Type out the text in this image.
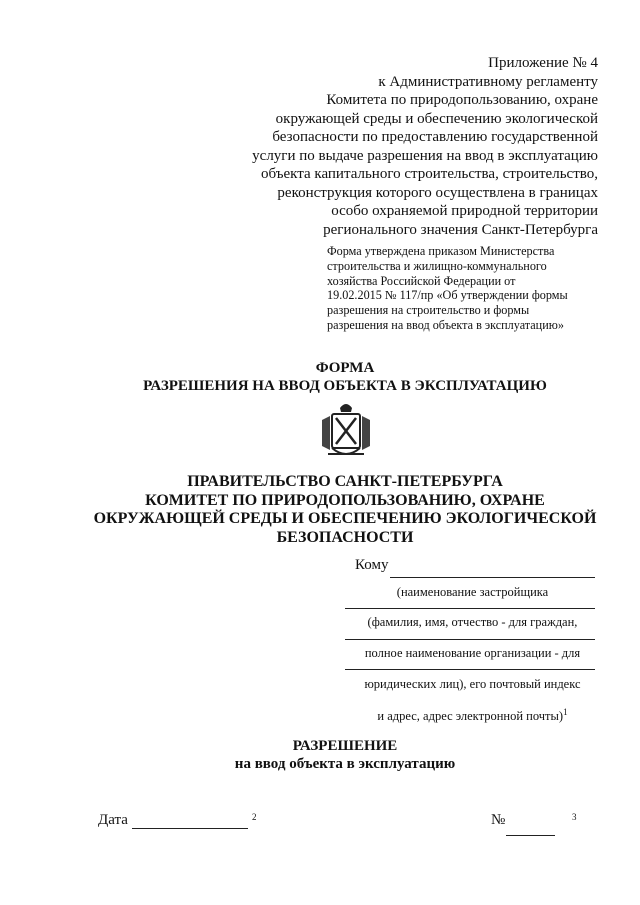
Приложение № 4
к Административному регламенту
Комитета по природопользованию, охране
окружающей среды и обеспечению экологической
безопасности по предоставлению государственной
услуги по выдаче разрешения на ввод в эксплуатацию
объекта капитального строительства, строительство,
реконструкция которого осуществлена в границах
особо охраняемой природной территории
регионального значения Санкт-Петербурга
Форма утверждена приказом Министерства
строительства и жилищно-коммунального
хозяйства Российской Федерации от
19.02.2015 № 117/пр «Об утверждении формы
разрешения на строительство и формы
разрешения на ввод объекта в эксплуатацию»
ФОРМА
РАЗРЕШЕНИЯ НА ВВОД ОБЪЕКТА В ЭКСПЛУАТАЦИЮ
ПРАВИТЕЛЬСТВО САНКТ-ПЕТЕРБУРГА
КОМИТЕТ ПО ПРИРОДОПОЛЬЗОВАНИЮ, ОХРАНЕ
ОКРУЖАЮЩЕЙ СРЕДЫ И ОБЕСПЕЧЕНИЮ ЭКОЛОГИЧЕСКОЙ
БЕЗОПАСНОСТИ
Кому
(наименование застройщика
(фамилия, имя, отчество - для граждан,
полное наименование организации - для
юридических лиц), его почтовый индекс
и адрес, адрес электронной почты)$^1$
РАЗРЕШЕНИЕ
на ввод объекта в эксплуатацию
Дата	2	№	3
